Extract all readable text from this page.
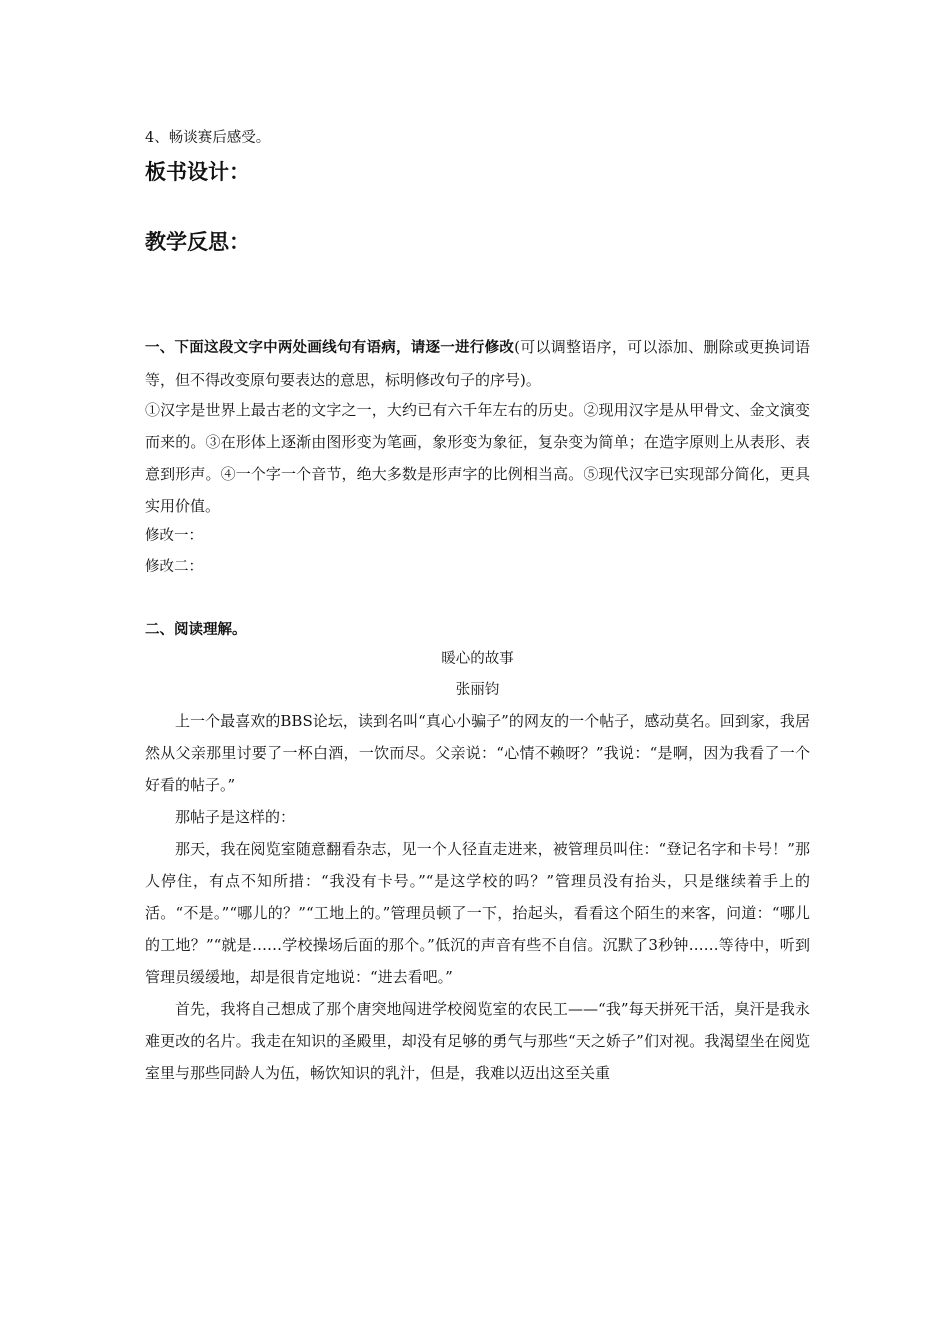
4、畅谈赛后感受。
板书设计：
教学反思：
一、下面这段文字中两处画线句有语病，请逐一进行修改(可以调整语序，可以添加、删除或更换词语等，但不得改变原句要表达的意思，标明修改句子的序号)。
①汉字是世界上最古老的文字之一，大约已有六千年左右的历史。②现用汉字是从甲骨文、金文演变而来的。③在形体上逐渐由图形变为笔画，象形变为象征，复杂变为简单；在造字原则上从表形、表意到形声。④一个字一个音节，绝大多数是形声字的比例相当高。⑤现代汉字已实现部分简化，更具实用价值。
修改一：
修改二：
二、阅读理解。
暖心的故事
张丽钧
上一个最喜欢的BBS论坛，读到名叫“真心小骗子”的网友的一个帖子，感动莫名。回到家，我居然从父亲那里讨要了一杯白酒，一饮而尽。父亲说：“心情不赖呀？”我说：“是啊，因为我看了一个好看的帖子。”
那帖子是这样的：
那天，我在阅览室随意翻看杂志，见一个人径直走进来，被管理员叫住：“登记名字和卡号！”那人停住，有点不知所措：“我没有卡号。”“是这学校的吗？”管理员没有抬头，只是继续着手上的活。“不是。”“哪儿的？”“工地上的。”管理员顿了一下，抬起头，看看这个陌生的来客，问道：“哪儿的工地？”“就是……学校操场后面的那个。”低沉的声音有些不自信。沉默了3秒钟……等待中，听到管理员缓缓地，却是很肯定地说：“进去看吧。”
首先，我将自己想成了那个唐突地闯进学校阅览室的农民工——“我”每天拼死干活，臭汗是我永难更改的名片。我走在知识的圣殿里，却没有足够的勇气与那些“天之娇子”们对视。我渴望坐在阅览室里与那些同龄人为伍，畅饮知识的乳汁，但是，我难以迈出这至关重
